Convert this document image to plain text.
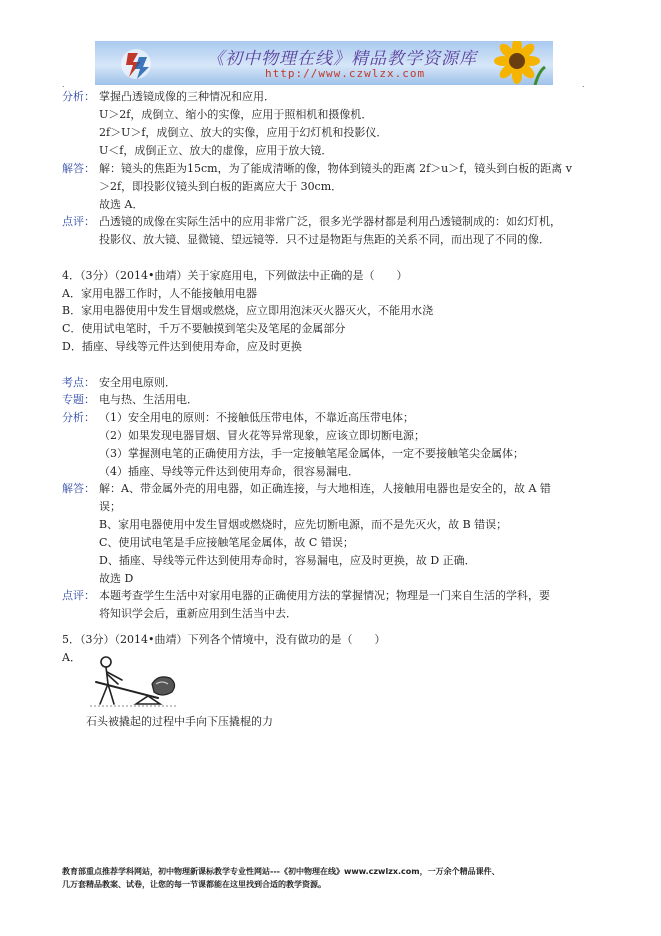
《初中物理在线》精品教学资源库
http://www.czwlzx.com
.	.
分析： 掌握凸透镜成像的三种情况和应用．
U＞2f，成倒立、缩小的实像，应用于照相机和摄像机．
2f＞U＞f，成倒立、放大的实像，应用于幻灯机和投影仪．
U＜f，成倒正立、放大的虚像，应用于放大镜．
解答： 解：镜头的焦距为15cm，为了能成清晰的像，物体到镜头的距离 2f＞u＞f，镜头到白板的距离 v
＞2f，即投影仪镜头到白板的距离应大于 30cm．
故选 A．
点评： 凸透镜的成像在实际生活中的应用非常广泛，很多光学器材都是利用凸透镜制成的：如幻灯机，
投影仪、放大镜、显微镜、望远镜等．只不过是物距与焦距的关系不同，而出现了不同的像．
4．（3分）（2014•曲靖）关于家庭用电，下列做法中正确的是（　　）
A．家用电器工作时，人不能接触用电器
B．家用电器使用中发生冒烟或燃烧，应立即用泡沫灭火器灭火，不能用水浇
C．使用试电笔时，千万不要触摸到笔尖及笔尾的金属部分
D．插座、导线等元件达到使用寿命，应及时更换
考点： 安全用电原则．
专题： 电与热、生活用电．
分析： （1）安全用电的原则：不接触低压带电体，不靠近高压带电体；
（2）如果发现电器冒烟、冒火花等异常现象，应该立即切断电源；
（3）掌握测电笔的正确使用方法，手一定接触笔尾金属体，一定不要接触笔尖金属体；
（4）插座、导线等元件达到使用寿命，很容易漏电．
解答： 解：A、带金属外壳的用电器，如正确连接，与大地相连，人接触用电器也是安全的，故 A 错
误；
B、家用电器使用中发生冒烟或燃烧时，应先切断电源，而不是先灭火，故 B 错误；
C、使用试电笔是手应接触笔尾金属体，故 C 错误；
D、插座、导线等元件达到使用寿命时，容易漏电，应及时更换，故 D 正确．
故选 D
点评： 本题考查学生生活中对家用电器的正确使用方法的掌握情况；物理是一门来自生活的学科，要
将知识学会后，重新应用到生活当中去．
5．（3分）（2014•曲靖）下列各个情境中，没有做功的是（　　）
A．
石头被撬起的过程中手向下压撬棍的力
教育部重点推荐学科网站，初中物理新课标教学专业性网站---《初中物理在线》www.czwlzx.com，一万余个精品课件、
几万套精品教案、试卷，让您的每一节课都能在这里找到合适的教学资源。
